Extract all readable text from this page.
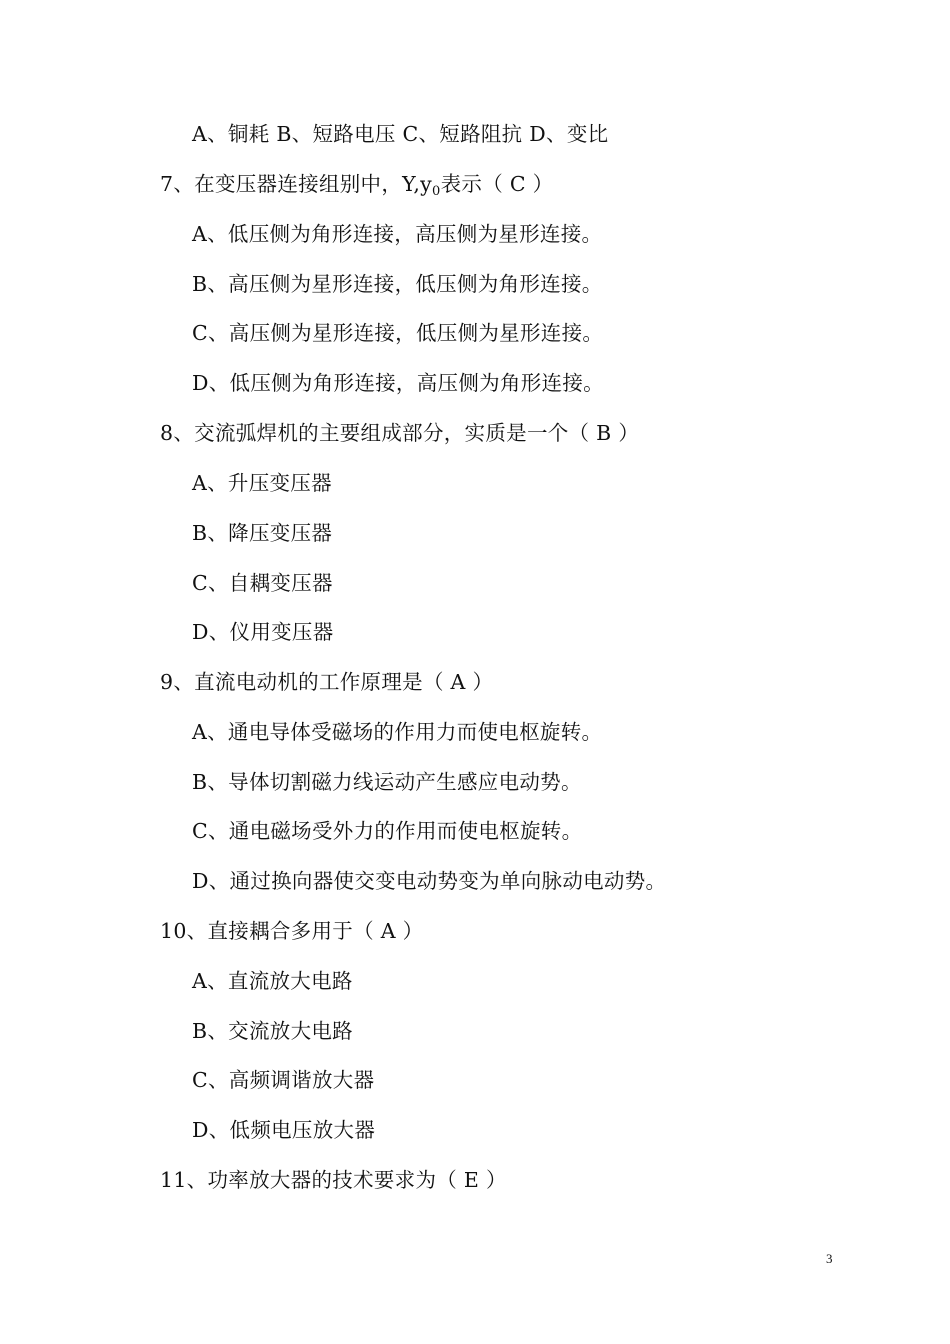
A、铜耗 B、短路电压 C、短路阻抗 D、变比
7、在变压器连接组别中，$Y,y_0$表示（ C ）
A、低压侧为角形连接，高压侧为星形连接。
B、高压侧为星形连接，低压侧为角形连接。
C、高压侧为星形连接，低压侧为星形连接。
D、低压侧为角形连接，高压侧为角形连接。
8、交流弧焊机的主要组成部分，实质是一个（ B ）
A、升压变压器
B、降压变压器
C、自耦变压器
D、仪用变压器
9、直流电动机的工作原理是（ A ）
A、通电导体受磁场的作用力而使电枢旋转。
B、导体切割磁力线运动产生感应电动势。
C、通电磁场受外力的作用而使电枢旋转。
D、通过换向器使交变电动势变为单向脉动电动势。
10、直接耦合多用于（ A ）
A、直流放大电路
B、交流放大电路
C、高频调谐放大器
D、低频电压放大器
11、功率放大器的技术要求为（ E ）
3
